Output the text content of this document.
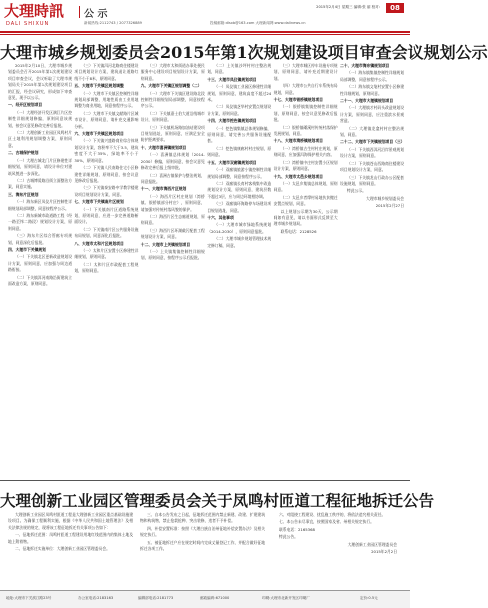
大理時訊
DALI SHIXUN
公 示
新闻热线:2112743 / 2077326889	投稿邮箱:dlsxb@163.com 大理新闻网:www.dalinews.cn
2015年2月4日 星期三 编辑:张 丽 校对:	08
大理市城乡规划委员会2015年第1次规划建设项目审查会议规划公示

2015年2月10日，大理市城乡规划委员会召开2015年第1次规划建设项目审查会议，会议听取了大理市规划局关于2015年第1次规划建设项目的汇报，经会议研究，形成如下审查意见，现予以公示。

一、经开区规划项目

（一）大理经济开发区满江片区控制性详细规划修编，原则同意该规划，按会议意见修改完善后报批。

（二）大理创新工业园区凤鸣村片区土地利用规划调整方案，原则同意。

二、古城保护规划

（一）大理古城北门片区修建性详细规划，原则同意，请设计单位对建筑风貌进一步深化。

（二）古城博爱路沿街立面整治方案，同意实施。

三、海东片区规划

（一）海东新区凤仪片区控制性详细规划局部调整，同意按程序公示。

（二）海东新城市政道路工程（经一路至纬二路段）规划设计方案，原则同意。

（三）海东片区综合管廊专项规划，同意深化后报批。

四、大理市下关镇规划

（一）下关镇北区更新改造规划设计方案，原则同意，应加强与周边道路衔接。

（二）下关镇洱河南路沿街建筑立面改造方案，原则同意。

（三）下关镇洱河北路商住楼建设项目规划设计方案，建筑退让道路红线不小于8米，原则同意。

五、大理市下关镇区规划调整

（一）大理市下关镇区控制性详细规划局部调整，用地性质由工业用地调整为商业用地，同意按程序公示。

（二）大理市下关镇文献路片区城市设计，原则同意，请补充交通影响分析。

六、大理市下关镇区规划项目

（一）下关镇兴盛路商业综合体规划设计方案，容积率不大于3.5，建筑密度不大于35%，绿地率不小于30%，原则同意。

（二）下关镇人民南路住宅小区修建性详细规划，原则同意，按会议意见修改后报批。

（三）下关镇泰安路中学教学楼建设项目规划设计方案，同意。

七、大理市下关镇南片区规划

（一）下关镇南片区道路系统规划，原则同意，应进一步完善道路断面设计。

（二）下关镇南片区公共服务设施布局规划，同意深化后报批。

八、大理市太和片区规划项目

（一）太和片区安置小区修建性详细规划，原则同意。

（二）太和片区市政配套工程规划，原则同意。

（三）大理市太和街道办事处便民服务中心建设项目规划设计方案，原则同意。

九、大理市下关镇区规划调整（二）

（一）大理市下关镇区建设路北段控制性详细规划局部调整，同意按程序公示。

（二）下关镇嘉士伯大道沿线城市设计，原则同意。

（三）下关镇机场路加油站建设项目规划选址，原则同意，应满足安全防护距离要求。

十、大理市喜洲镇规划项目

（一）喜洲镇总体规划（2014-2030）修编，原则同意，按会议意见修改完善后报上级审批。

（二）喜洲古镇保护与整治规划，同意报批。

十一、大理市海西片区规划

（一）海西片区村庄规划（湾桥镇、银桥镇部分村庄），原则同意，请加强对传统村落风貌的保护。

（二）海西片区生态廊道规划，原则同意。

（三）海西片区环湖截污配套工程规划设计方案，同意。

十二、大理市上关镇规划项目

（一）上关镇集镇控制性详细规划，原则同意，按程序公示后报批。

（二）上关镇沙坪村村庄整治规划，同意。

十三、大理市凤仪镇规划项目

（一）凤仪镇工业园区修建性详细规划，原则同意，建筑高度不超过24米。

（二）凤仪镇芝华村安置点规划设计方案，原则同意。

十四、大理市挖色镇规划项目

（一）挖色镇集镇总体规划修编，原则同意，请完善公共服务设施配套。

（二）挖色镇康廊村村庄规划，原则同意。

十五、大理市双廊镇规划项目

（一）双廊镇旅游小镇控制性详细规划局部调整，同意按程序公示。

（二）双廊镇长育村客栈集中改造规划设计方案，原则同意，建筑层数不超过3层，应与周边环境相协调。

（三）双廊镇环海路停车场建设项目规划选址，同意。

十六、其他事项

（一）大理市城市绿地系统规划（2014-2030），原则同意报批。

（二）大理市城乡规划管理技术规定修订稿，同意。

（三）大理市城区停车设施专项规划，原则同意，请补充近期建设计划。

（四）大理市公共自行车系统布局规划，同意。

十七、大理市银桥镇规划项目

（一）银桥镇集镇控制性详细规划，原则同意，按会议意见修改后报批。

（二）银桥镇磻溪村传统村落保护发展规划，同意。

十八、大理市湾桥镇规划项目

（一）湾桥镇古生村村庄规划，原则同意，应加强洱海保护相关内容。

（二）湾桥镇中庄村安置小区规划设计方案，原则同意。

十九、大理市太邑乡规划项目

（一）太邑乡集镇总体规划，原则同意。

（二）太邑乡者摩村易地扶贫搬迁安置点规划，同意。

以上规划公示期为30天，公示期间如有意见，请以书面形式反馈至大理市城乡规划局。

联系电话：2128526

二十、大理市海东镇规划项目

（一）海东镇集镇控制性详细规划局部调整，同意按程序公示。

（二）海东镇文笔村安置小区修建性详细规划，原则同意。

二十一、大理市大理镇规划项目

（一）大理镇才村码头改造规划设计方案，原则同意，应注重滨水景观营造。

（二）大理镇龙龛村村庄整治规划，同意。

二十二、大理市下关镇规划项目（三）

（一）下关镇西洱河沿岸景观规划设计方案，原则同意。

（二）下关镇苍山西路商住楼建设项目规划设计方案，同意。

（三）下关镇龙山行政办公区配套设施规划，原则同意。

特此公示。

大理市城乡规划委员会

2015年2月27日

大理创新工业园区管理委员会关于凤鸣村匝道工程征地拆迁公告

大理创新工业园区凤鸣村匝道工程是大理创新工业园区重点基础设施建设项目。为确保工程顺利实施，根据《中华人民共和国土地管理法》及相关法律法规的规定，现将该工程征地拆迁有关事项公告如下：

一、征地拆迁范围：凤鸣村匝道工程建设用地红线范围内的集体土地及地上附着物。

二、征地拆迁实施单位：大理创新工业园区管理委员会。

三、自本公告发布之日起，征地拆迁范围内禁止新建、改建、扩建建筑物和构筑物，禁止抢栽抢种、突击装修，违者不予补偿。

四、补偿安置标准：按照《大理白族自治州征地补偿安置办法》及相关规定执行。

五、被征地拆迁户应在规定时间内完成丈量登记工作，并配合做好征地拆迁各项工作。

六、对阻挠工程建设、扰乱施工秩序的，将依法追究相关责任。

七、本公告未尽事宜，按照国家及省、州相关规定执行。

联系电话：2165368

特此公告。

大理创新工业园区管理委员会

2015年2月2日

地址:大理市下关滨江路23号	办公室电话:2183163	编辑部电话:2181773	邮政编码:671000	印刷:大理市北新开发区印刷厂	定价:0.5元
